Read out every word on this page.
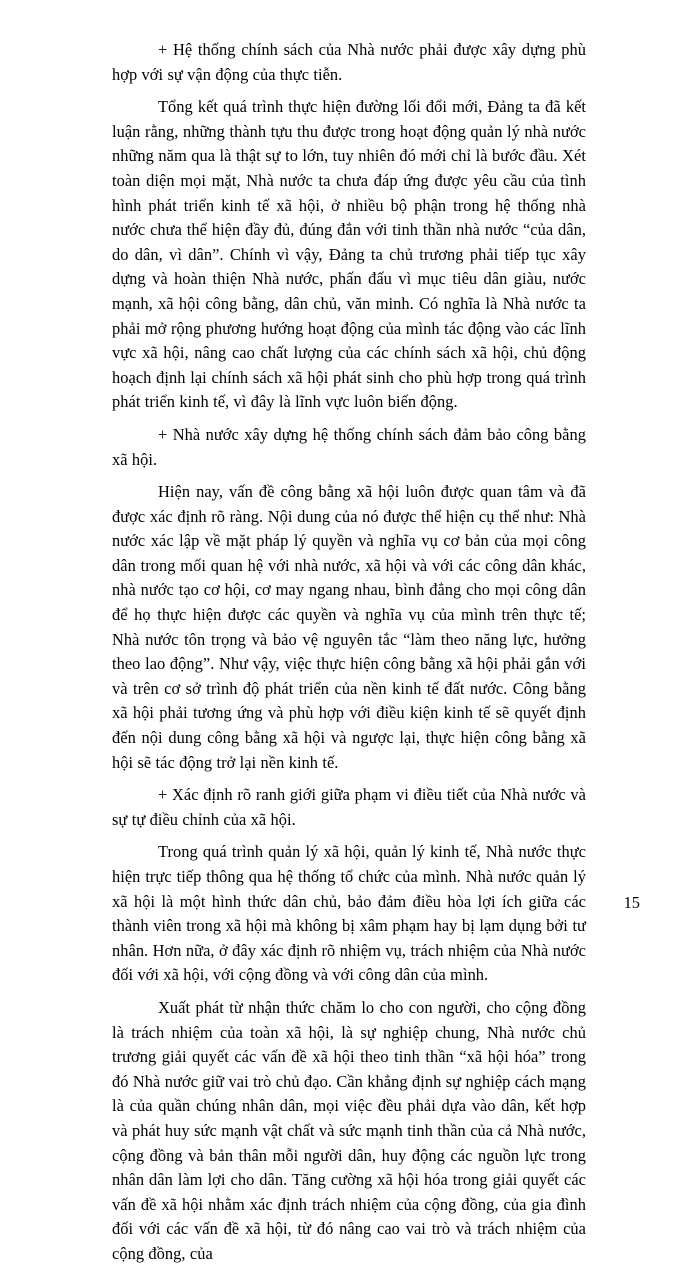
+ Hệ thống chính sách của Nhà nước phải được xây dựng phù hợp với sự vận động của thực tiễn.

Tổng kết quá trình thực hiện đường lối đổi mới, Đảng ta đã kết luận rằng, những thành tựu thu được trong hoạt động quản lý nhà nước những năm qua là thật sự to lớn, tuy nhiên đó mới chỉ là bước đầu. Xét toàn diện mọi mặt, Nhà nước ta chưa đáp ứng được yêu cầu của tình hình phát triển kinh tế xã hội, ở nhiều bộ phận trong hệ thống nhà nước chưa thể hiện đầy đủ, đúng đắn với tinh thần nhà nước “của dân, do dân, vì dân”. Chính vì vậy, Đảng ta chủ trương phải tiếp tục xây dựng và hoàn thiện Nhà nước, phấn đấu vì mục tiêu dân giàu, nước mạnh, xã hội công bằng, dân chủ, văn minh. Có nghĩa là Nhà nước ta phải mở rộng phương hướng hoạt động của mình tác động vào các lĩnh vực xã hội, nâng cao chất lượng của các chính sách xã hội, chủ động hoạch định lại chính sách xã hội phát sinh cho phù hợp trong quá trình phát triển kinh tế, vì đây là lĩnh vực luôn biến động.

+ Nhà nước xây dựng hệ thống chính sách đảm bảo công bằng xã hội.

Hiện nay, vấn đề công bằng xã hội luôn được quan tâm và đã được xác định rõ ràng. Nội dung của nó được thể hiện cụ thể như: Nhà nước xác lập về mặt pháp lý quyền và nghĩa vụ cơ bản của mọi công dân trong mối quan hệ với nhà nước, xã hội và với các công dân khác, nhà nước tạo cơ hội, cơ may ngang nhau, bình đẳng cho mọi công dân để họ thực hiện được các quyền và nghĩa vụ của mình trên thực tế; Nhà nước tôn trọng và bảo vệ nguyên tắc “làm theo năng lực, hưởng theo lao động”. Như vậy, việc thực hiện công bằng xã hội phải gắn với và trên cơ sở trình độ phát triển của nền kinh tế đất nước. Công bằng xã hội phải tương ứng và phù hợp với điều kiện kinh tế sẽ quyết định đến nội dung công bằng xã hội và ngược lại, thực hiện công bằng xã hội sẽ tác động trở lại nền kinh tế.

+ Xác định rõ ranh giới giữa phạm vi điều tiết của Nhà nước và sự tự điều chỉnh của xã hội.

Trong quá trình quản lý xã hội, quản lý kinh tế, Nhà nước thực hiện trực tiếp thông qua hệ thống tổ chức của mình. Nhà nước quản lý xã hội là một hình thức dân chủ, bảo đảm điều hòa lợi ích giữa các thành viên trong xã hội mà không bị xâm phạm hay bị lạm dụng bởi tư nhân. Hơn nữa, ở đây xác định rõ nhiệm vụ, trách nhiệm của Nhà nước đối với xã hội, với cộng đồng và với công dân của mình.

Xuất phát từ nhận thức chăm lo cho con người, cho cộng đồng là trách nhiệm của toàn xã hội, là sự nghiệp chung, Nhà nước chủ trương giải quyết các vấn đề xã hội theo tinh thần “xã hội hóa” trong đó Nhà nước giữ vai trò chủ đạo. Cần khẳng định sự nghiệp cách mạng là của quần chúng nhân dân, mọi việc đều phải dựa vào dân, kết hợp và phát huy sức mạnh vật chất và sức mạnh tinh thần của cả Nhà nước, cộng đồng và bản thân mỗi người dân, huy động các nguồn lực trong nhân dân làm lợi cho dân. Tăng cường xã hội hóa trong giải quyết các vấn đề xã hội nhằm xác định trách nhiệm của cộng đồng, của gia đình đối với các vấn đề xã hội, từ đó nâng cao vai trò và trách nhiệm của cộng đồng, của

15
